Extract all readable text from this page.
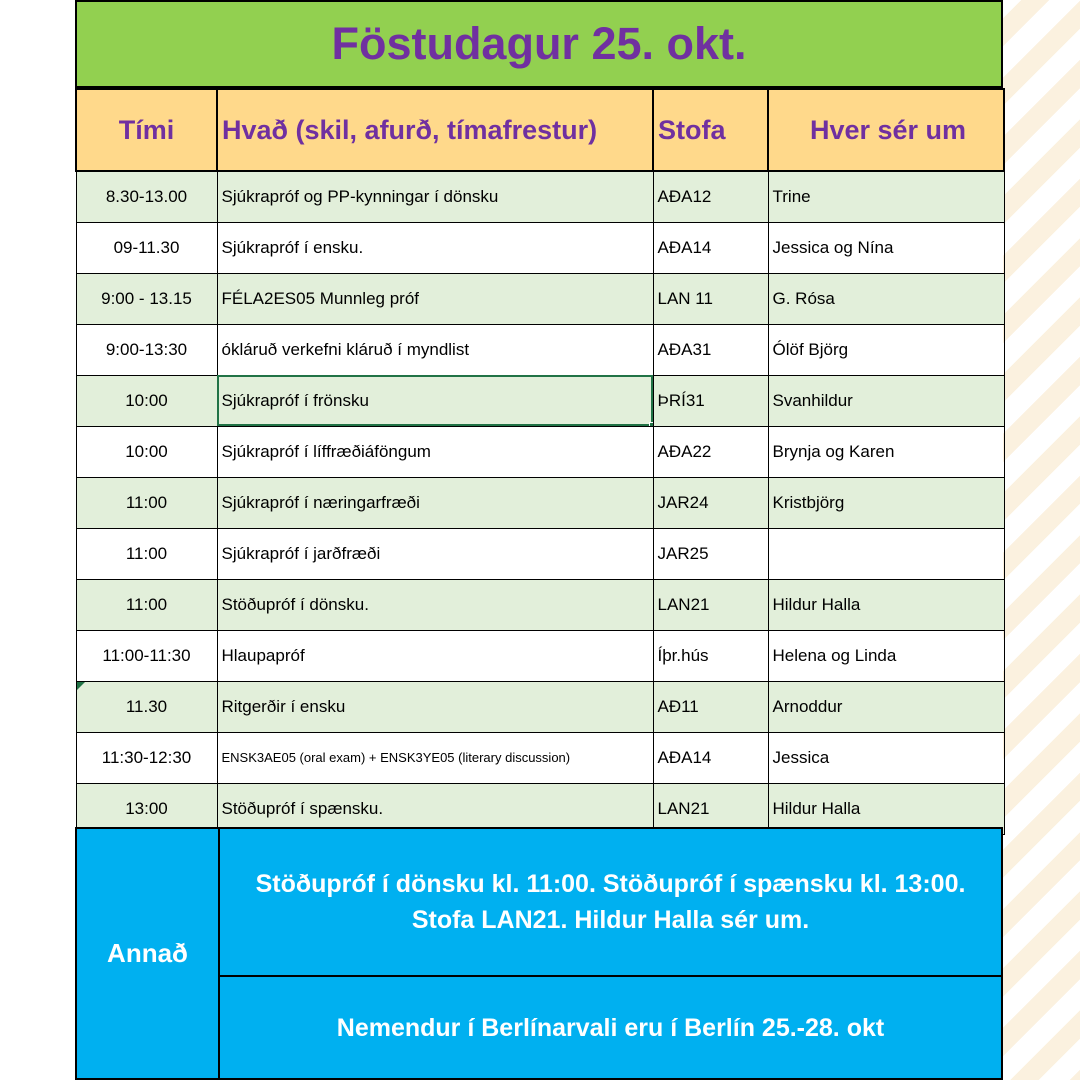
Föstudagur 25. okt.
Tími	Hvað (skil, afurð, tímafrestur)	Stofa	Hver sér um
8.30-13.00	Sjúkrapróf og PP-kynningar í dönsku	AÐA12	Trine
09-11.30	Sjúkrapróf í ensku.	AÐA14	Jessica og Nína
9:00 - 13.15	FÉLA2ES05 Munnleg próf	LAN 11	G. Rósa
9:00-13:30	ókláruð verkefni kláruð í myndlist	AÐA31	Ólöf Björg
10:00	Sjúkrapróf í frönsku	ÞRÍ31	Svanhildur
10:00	Sjúkrapróf í líffræðiáföngum	AÐA22	Brynja og Karen
11:00	Sjúkrapróf í næringarfræði	JAR24	Kristbjörg
11:00	Sjúkrapróf í jarðfræði	JAR25	
11:00	Stöðupróf í dönsku.	LAN21	Hildur Halla
11:00-11:30	Hlaupapróf	Íþr.hús	Helena og Linda
11.30	Ritgerðir í ensku	AÐ11	Arnoddur
11:30-12:30	ENSK3AE05 (oral exam) + ENSK3YE05 (literary discussion)	AÐA14	Jessica
13:00	Stöðupróf í spænsku.	LAN21	Hildur Halla
Annað
Stöðupróf í dönsku kl. 11:00. Stöðupróf í spænsku kl. 13:00. Stofa LAN21. Hildur Halla sér um.
Nemendur í Berlínarvali eru í Berlín 25.-28. okt
